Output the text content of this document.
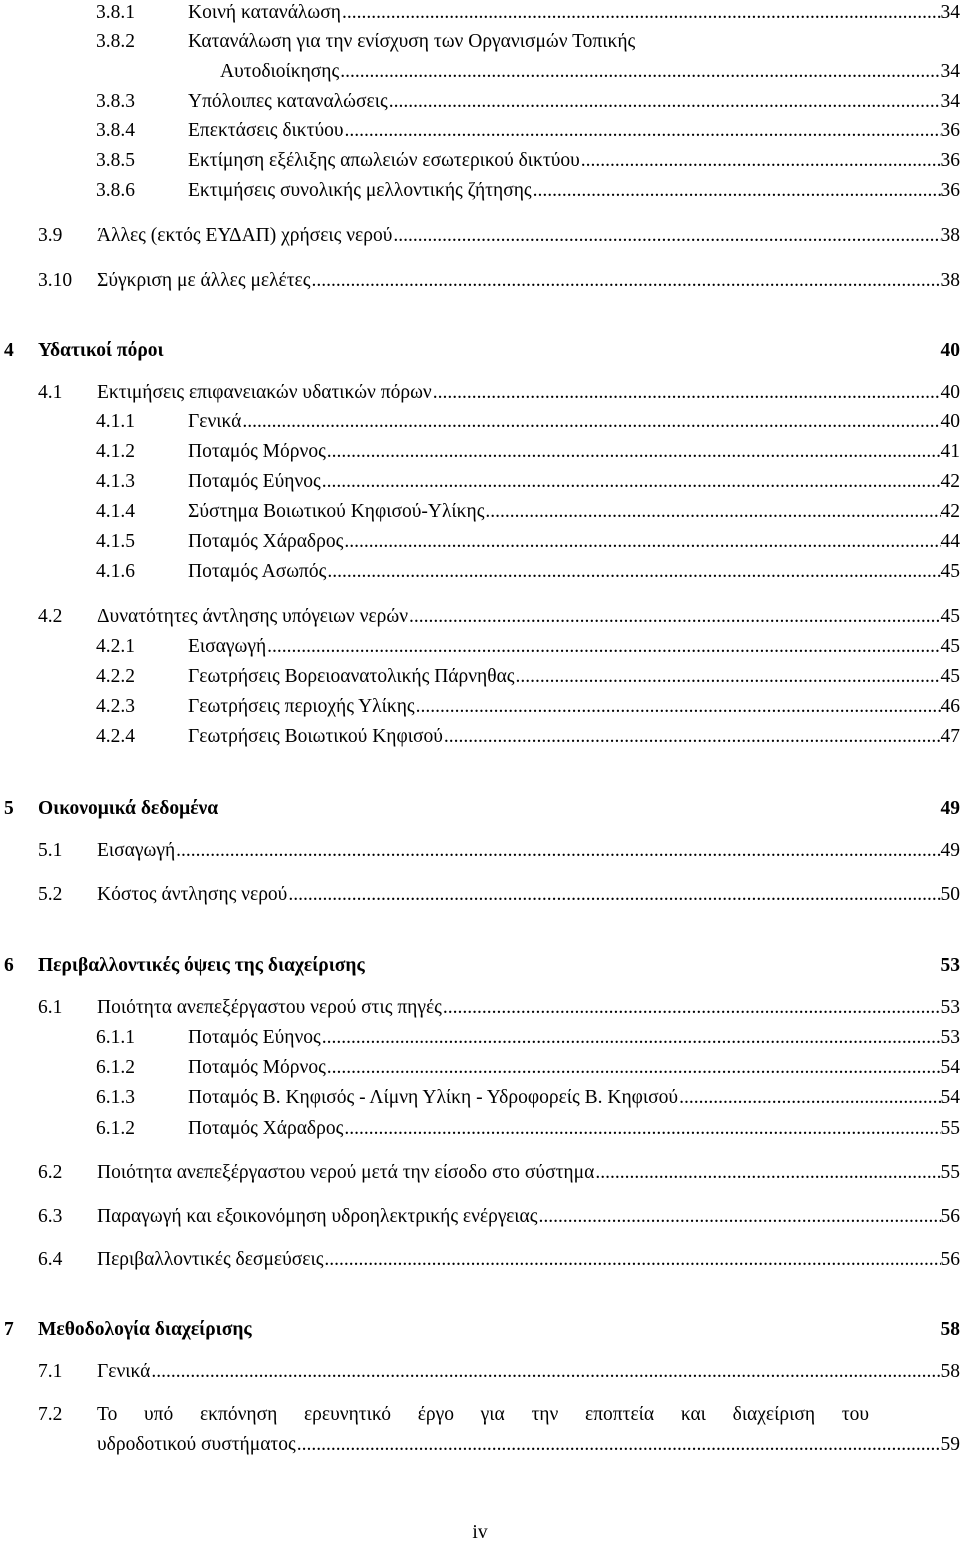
3.8.1	Κοινή κατανάλωση .....	34
3.8.2	Κατανάλωση για την ενίσχυση των Οργανισμών Τοπικής
Αυτοδιοίκησης .....	34
3.8.3	Υπόλοιπες καταναλώσεις .....	34
3.8.4	Επεκτάσεις δικτύου .....	36
3.8.5	Εκτίμηση εξέλιξης απωλειών εσωτερικού δικτύου .....	36
3.8.6	Εκτιμήσεις συνολικής μελλοντικής ζήτησης .....	36
3.9 Άλλες (εκτός ΕΥΔΑΠ) χρήσεις νερού .....	38
3.10 Σύγκριση με άλλες μελέτες .....	38
4 Υδατικοί πόροι	40
4.1 Εκτιμήσεις επιφανειακών υδατικών πόρων .....	40
4.1.1	Γενικά .....	40
4.1.2	Ποταμός Μόρνος .....	41
4.1.3	Ποταμός Εύηνος .....	42
4.1.4	Σύστημα Βοιωτικού Κηφισού-Υλίκης .....	42
4.1.5	Ποταμός Χάραδρος .....	44
4.1.6	Ποταμός Ασωπός .....	45
4.2 Δυνατότητες άντλησης υπόγειων νερών .....	45
4.2.1	Εισαγωγή .....	45
4.2.2	Γεωτρήσεις Βορειοανατολικής Πάρνηθας .....	45
4.2.3	Γεωτρήσεις περιοχής Υλίκης .....	46
4.2.4	Γεωτρήσεις Βοιωτικού Κηφισού .....	47
5 Οικονομικά δεδομένα	49
5.1 Εισαγωγή .....	49
5.2 Κόστος άντλησης νερού .....	50
6 Περιβαλλοντικές όψεις της διαχείρισης	53
6.1 Ποιότητα ανεπεξέργαστου νερού στις πηγές .....	53
6.1.1	Ποταμός Εύηνος .....	53
6.1.2	Ποταμός Μόρνος .....	54
6.1.3	Ποταμός Β. Κηφισός - Λίμνη Υλίκη - Υδροφορείς Β. Κηφισού .....	54
6.1.2	Ποταμός Χάραδρος .....	55
6.2 Ποιότητα ανεπεξέργαστου νερού μετά την είσοδο στο σύστημα .....	55
6.3 Παραγωγή και εξοικονόμηση υδροηλεκτρικής ενέργειας .....	56
6.4 Περιβαλλοντικές δεσμεύσεις .....	56
7 Μεθοδολογία διαχείρισης	58
7.1 Γενικά .....	58
7.2 Το υπό εκπόνηση ερευνητικό έργο για την εποπτεία και διαχείριση του
υδροδοτικού συστήματος .....	59
iv
